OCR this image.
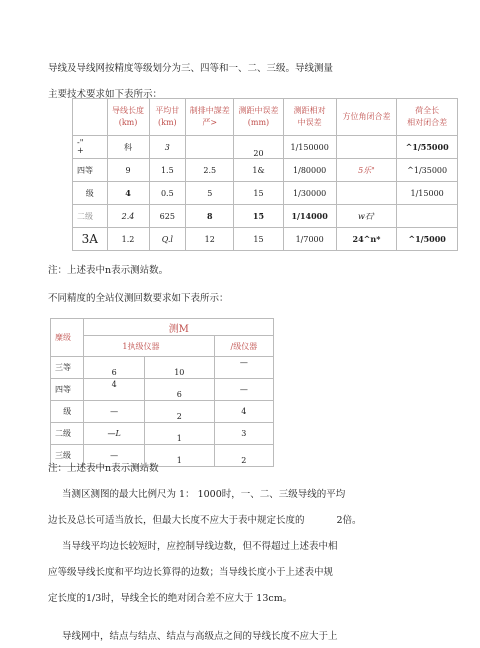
导线及导线网按精度等级划分为三、四等和一、二、三级。导线测量
主要技术要求如下表所示：
	导线长度
(km)	平均甘
(km)	制排中謀差
严>	测距中误差
(mm)	测距相对
中误差	方位角闭合差	荷全长
相对闭合差
-"
+	科	3		20	1/150000		^1/55000
四等	9	1.5	2.5	1&	1/80000	5乐"	^1/35000
级	4	0.5	5	15	1/30000		1/15000
二级	2.4	625	8	15	1/14000	w石'	
3A	1.2	Q.l	12	15	1/7000	24^n*	^1/5000
注：上述表中n表示测站数。
不同精度的全站仪测回数要求如下表所示：
糜级	测M		
	1执级仪器		/级仪器
三等	6	10	—
四等	4	6	—
级	—	2	4
二级	—L	1	3
三级	—	1	2
注：上述表中n表示测站数
当测区测图的最大比例尺为 1： 1000时，一、二、三级导线的平均
边长及总长可适当放长，但最大长度不应大于表中规定长度的	2倍。
当导线平均边长较短时，应控制导线边数，但不得超过上述表中相
应等级导线长度和平均边长算得的边数；当导线长度小于上述表中规
定长度的1/3时，导线全长的绝对闭合差不应大于 13cm。
导线网中，结点与结点、结点与高级点之间的导线长度不应大于上
